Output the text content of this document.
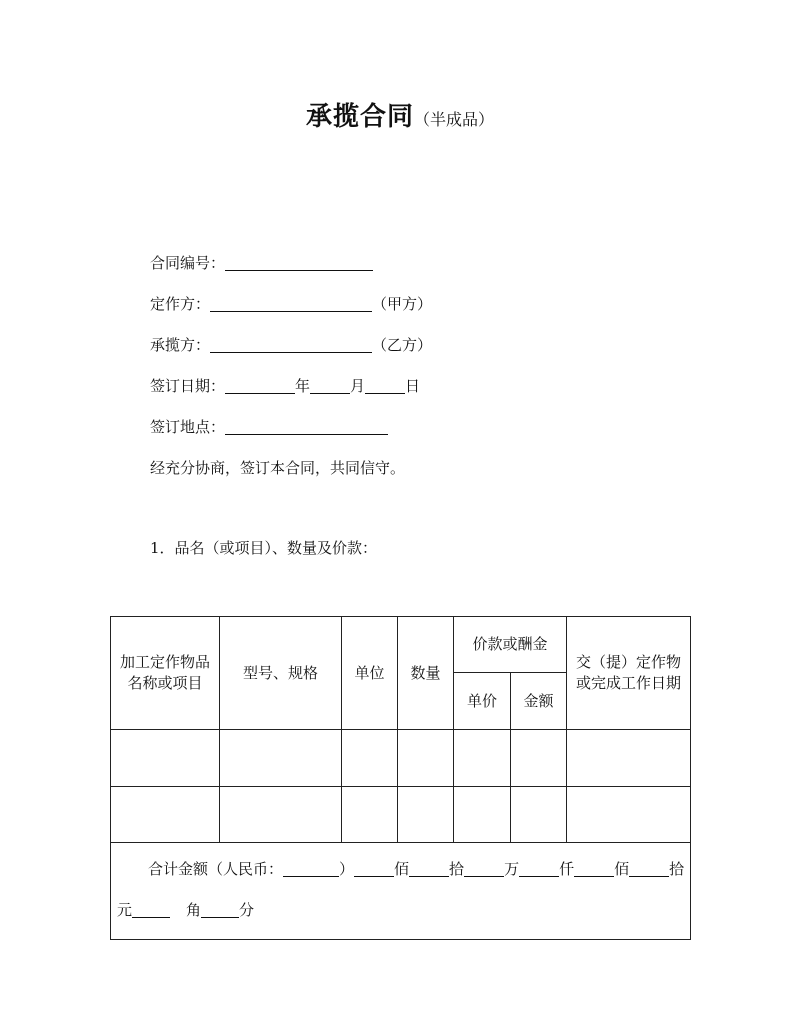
承揽合同（半成品）
合同编号：
定作方：	（甲方）
承揽方：	（乙方）
签订日期：	年	月	日
签订地点：
经充分协商，签订本合同，共同信守。
1．品名（或项目）、数量及价款：
加工定作物品名称或项目	型号、规格	单位	数量	价款或酬金		交（提）定作物或完成工作日期

				单价	金额	

合计金额（人民币： ） 佰 拾 万 仟 佰 拾
元 角 分						
